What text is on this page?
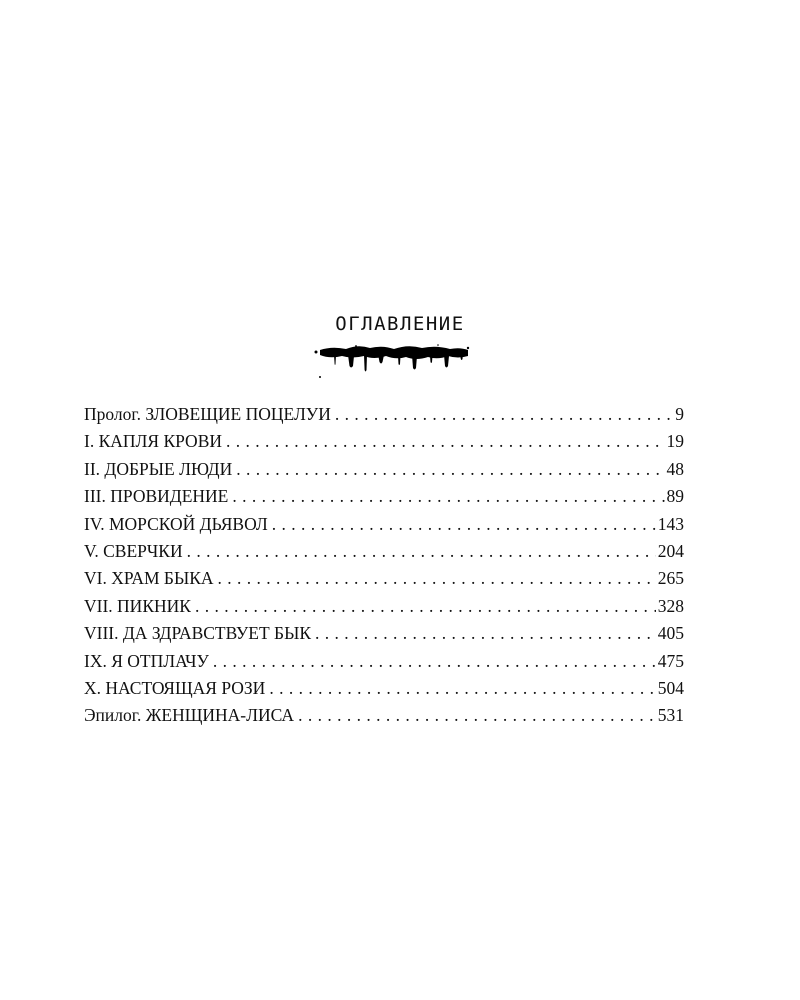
ОГЛАВЛЕНИЕ
Пролог. ЗЛОВЕЩИЕ ПОЦЕЛУИ . . .	9
I. КАПЛЯ КРОВИ . . .	19
II. ДОБРЫЕ ЛЮДИ . . .	48
III. ПРОВИДЕНИЕ . . .	89
IV. МОРСКОЙ ДЬЯВОЛ . . .	143
V. СВЕРЧКИ . . .	204
VI. ХРАМ БЫКА . . .	265
VII. ПИКНИК . . .	328
VIII. ДА ЗДРАВСТВУЕТ БЫК . . .	405
IX. Я ОТПЛАЧУ . . .	475
X. НАСТОЯЩАЯ РОЗИ . . .	504
Эпилог. ЖЕНЩИНА-ЛИСА . . .	531
